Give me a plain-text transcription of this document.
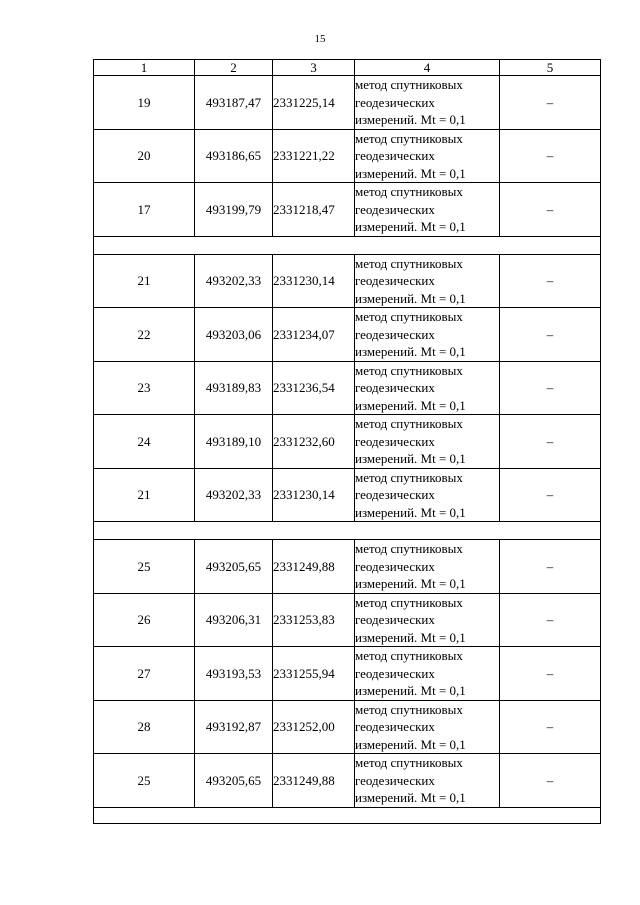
15
1	2	3	4	5
19	493187,47	2331225,14	метод спутниковых
геодезических
измерений. Mt = 0,1	–
20	493186,65	2331221,22	метод спутниковых
геодезических
измерений. Mt = 0,1	–
17	493199,79	2331218,47	метод спутниковых
геодезических
измерений. Mt = 0,1	–

21	493202,33	2331230,14	метод спутниковых
геодезических
измерений. Mt = 0,1	–
22	493203,06	2331234,07	метод спутниковых
геодезических
измерений. Mt = 0,1	–
23	493189,83	2331236,54	метод спутниковых
геодезических
измерений. Mt = 0,1	–
24	493189,10	2331232,60	метод спутниковых
геодезических
измерений. Mt = 0,1	–
21	493202,33	2331230,14	метод спутниковых
геодезических
измерений. Mt = 0,1	–

25	493205,65	2331249,88	метод спутниковых
геодезических
измерений. Mt = 0,1	–
26	493206,31	2331253,83	метод спутниковых
геодезических
измерений. Mt = 0,1	–
27	493193,53	2331255,94	метод спутниковых
геодезических
измерений. Mt = 0,1	–
28	493192,87	2331252,00	метод спутниковых
геодезических
измерений. Mt = 0,1	–
25	493205,65	2331249,88	метод спутниковых
геодезических
измерений. Mt = 0,1	–
